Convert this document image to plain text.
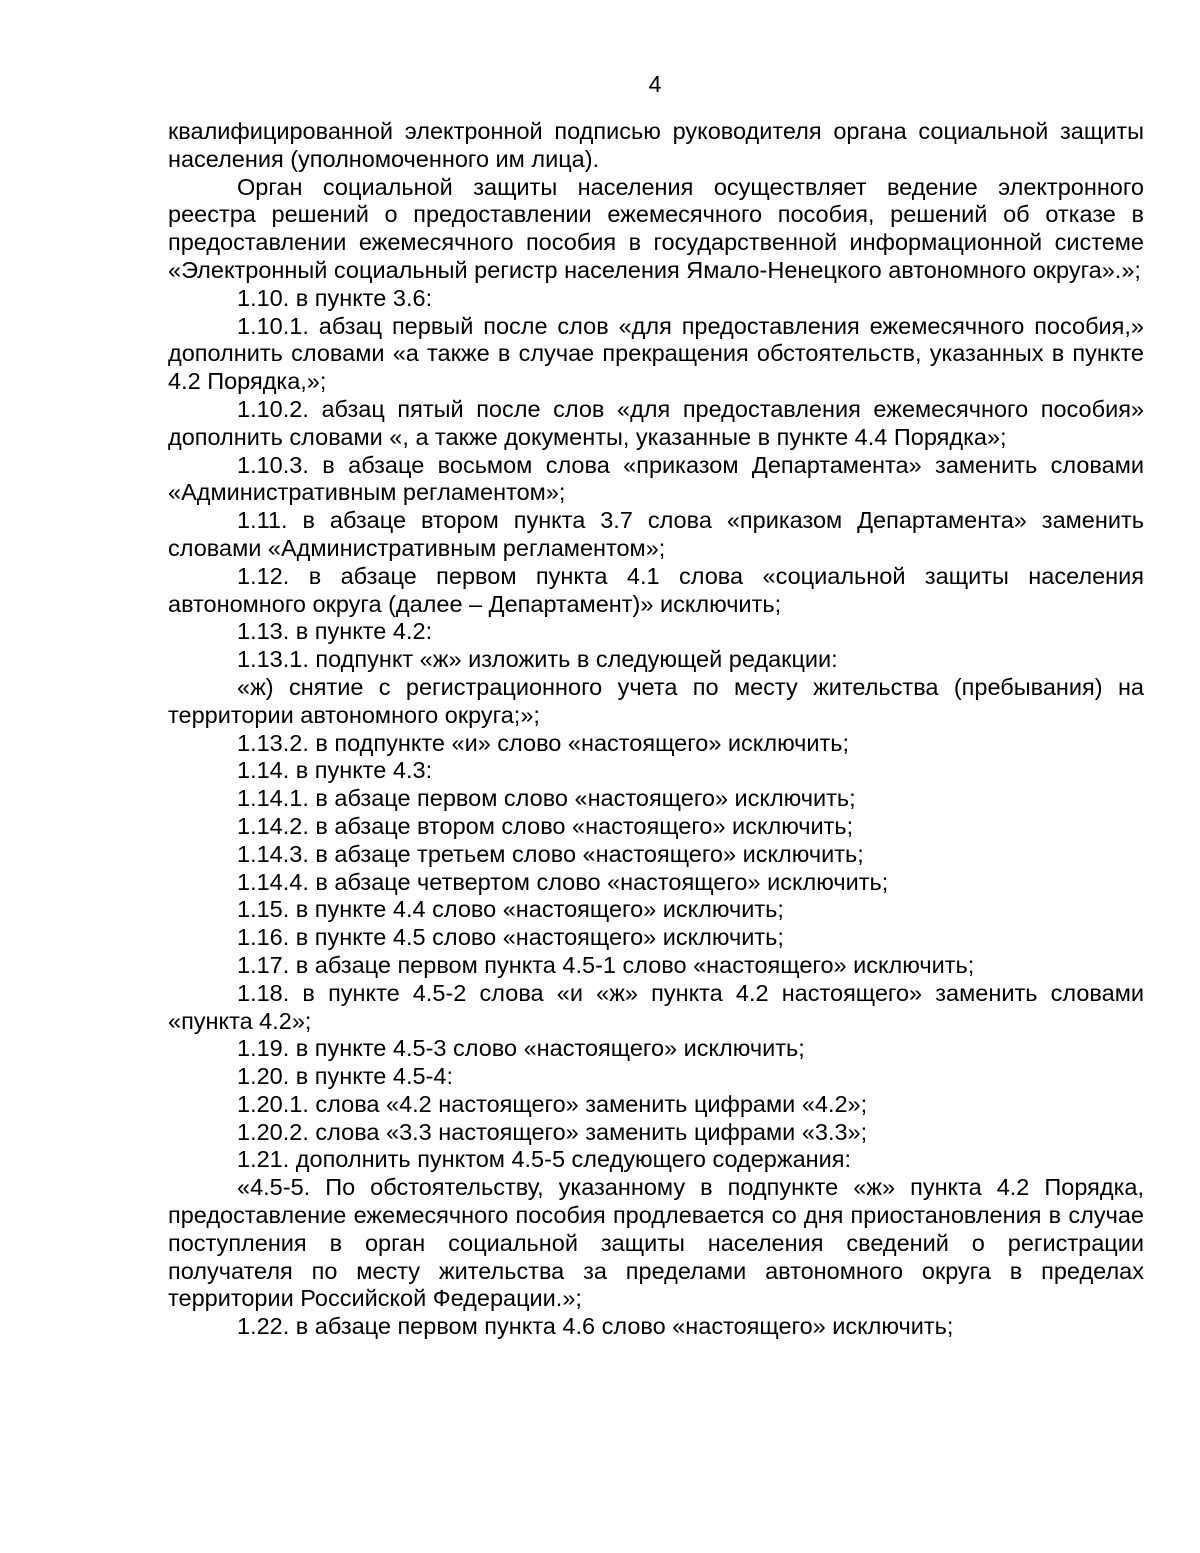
4

квалифицированной электронной подписью руководителя органа социальной защиты населения (уполномоченного им лица).

Орган социальной защиты населения осуществляет ведение электронного реестра решений о предоставлении ежемесячного пособия, решений об отказе в предоставлении ежемесячного пособия в государственной информационной системе «Электронный социальный регистр населения Ямало-Ненецкого автономного округа».»;

1.10. в пункте 3.6:

1.10.1. абзац первый после слов «для предоставления ежемесячного пособия,» дополнить словами «а также в случае прекращения обстоятельств, указанных в пункте 4.2 Порядка,»;

1.10.2. абзац пятый после слов «для предоставления ежемесячного пособия» дополнить словами «, а также документы, указанные в пункте 4.4 Порядка»;

1.10.3. в абзаце восьмом слова «приказом Департамента» заменить словами «Административным регламентом»;

1.11. в абзаце втором пункта 3.7 слова «приказом Департамента» заменить словами «Административным регламентом»;

1.12. в абзаце первом пункта 4.1 слова «социальной защиты населения автономного округа (далее – Департамент)» исключить;

1.13. в пункте 4.2:

1.13.1. подпункт «ж» изложить в следующей редакции:

«ж) снятие с регистрационного учета по месту жительства (пребывания) на территории автономного округа;»;

1.13.2. в подпункте «и» слово «настоящего» исключить;

1.14. в пункте 4.3:

1.14.1. в абзаце первом слово «настоящего» исключить;

1.14.2. в абзаце втором слово «настоящего» исключить;

1.14.3. в абзаце третьем слово «настоящего» исключить;

1.14.4. в абзаце четвертом слово «настоящего» исключить;

1.15. в пункте 4.4 слово «настоящего» исключить;

1.16. в пункте 4.5 слово «настоящего» исключить;

1.17. в абзаце первом пункта 4.5-1 слово «настоящего» исключить;

1.18. в пункте 4.5-2 слова «и «ж» пункта 4.2 настоящего» заменить словами «пункта 4.2»;

1.19. в пункте 4.5-3 слово «настоящего» исключить;

1.20. в пункте 4.5-4:

1.20.1. слова «4.2 настоящего» заменить цифрами «4.2»;

1.20.2. слова «3.3 настоящего» заменить цифрами «3.3»;

1.21. дополнить пунктом 4.5-5 следующего содержания:

«4.5-5. По обстоятельству, указанному в подпункте «ж» пункта 4.2 Порядка, предоставление ежемесячного пособия продлевается со дня приостановления в случае поступления в орган социальной защиты населения сведений о регистрации получателя по месту жительства за пределами автономного округа в пределах территории Российской Федерации.»;

1.22. в абзаце первом пункта 4.6 слово «настоящего» исключить;
